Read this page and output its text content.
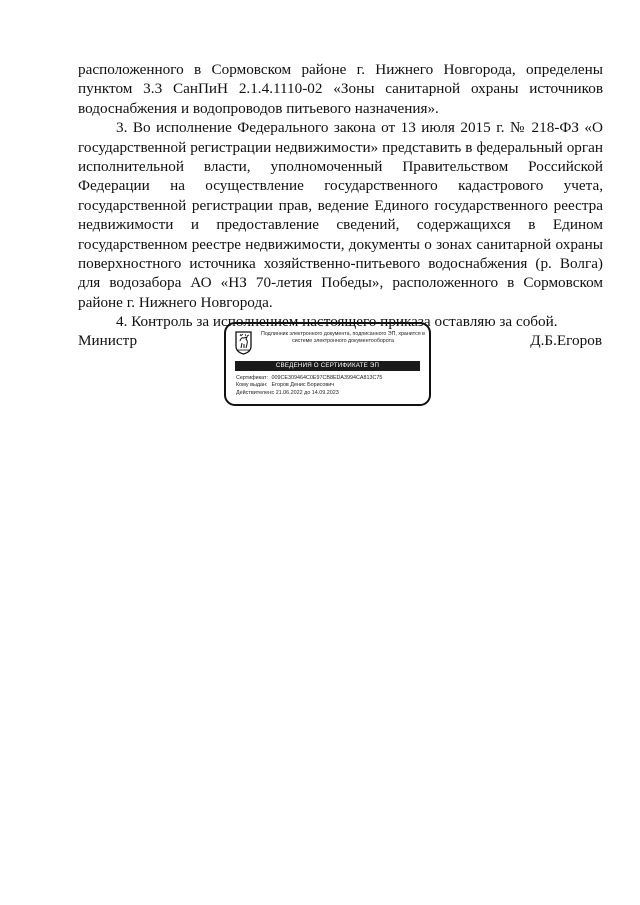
расположенного в Сормовском районе г. Нижнего Новгорода, определены пунктом 3.3 СанПиН 2.1.4.1110-02 «Зоны санитарной охраны источников водоснабжения и водопроводов питьевого назначения».

3. Во исполнение Федерального закона от 13 июля 2015 г. № 218-ФЗ «О государственной регистрации недвижимости» представить в федеральный орган исполнительной власти, уполномоченный Правительством Российской Федерации на осуществление государственного кадастрового учета, государственной регистрации прав, ведение Единого государственного реестра недвижимости и предоставление сведений, содержащихся в Едином государственном реестре недвижимости, документы о зонах санитарной охраны поверхностного источника хозяйственно-питьевого водоснабжения (р. Волга) для водозабора АО «НЗ 70-летия Победы», расположенного в Сормовском районе г. Нижнего Новгорода.

4. Контроль за исполнением настоящего приказа оставляю за собой.

Министр	Д.Б.Егоров
Подлинник электронного документа, подписанного ЭП, хранится в системе электронного документооборота
СВЕДЕНИЯ О СЕРТИФИКАТЕ ЭП
Сертификат: 009CE309464C0E97CB8EDA3994CA813C75
Кому выдан: Егоров Денис Борисович
Действителен: с 21.06.2022 до 14.09.2023
